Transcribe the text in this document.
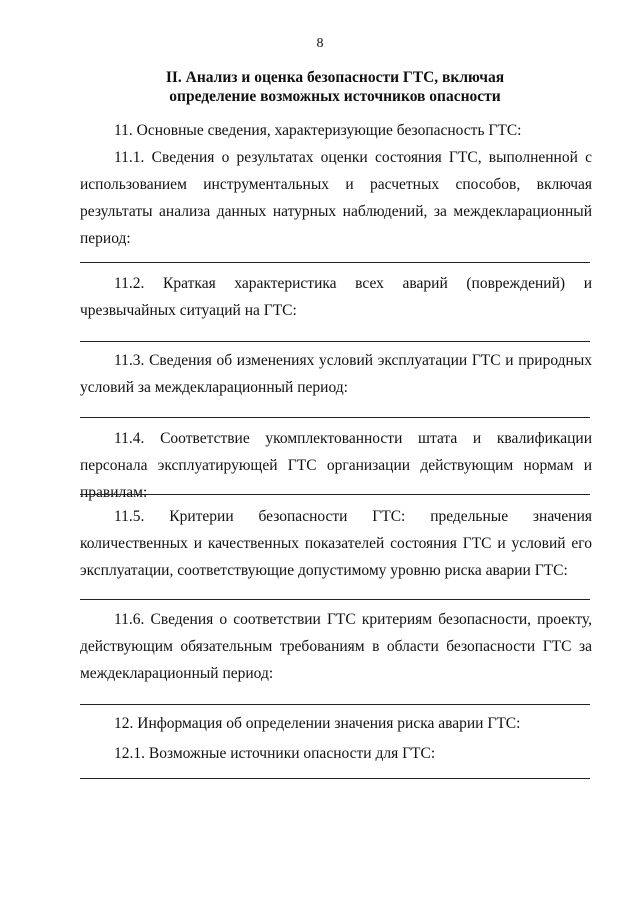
8
II. Анализ и оценка безопасности ГТС, включая
определение возможных источников опасности

11. Основные сведения, характеризующие безопасность ГТС:

11.1. Сведения о результатах оценки состояния ГТС, выполненной с использованием инструментальных и расчетных способов, включая результаты анализа данных натурных наблюдений, за междекларационный период:

11.2. Краткая характеристика всех аварий (повреждений) и чрезвычайных ситуаций на ГТС:

11.3. Сведения об изменениях условий эксплуатации ГТС и природных условий за междекларационный период:

11.4. Соответствие укомплектованности штата и квалификации персонала эксплуатирующей ГТС организации действующим нормам и правилам:

11.5. Критерии безопасности ГТС: предельные значения количественных и качественных показателей состояния ГТС и условий его эксплуатации, соответствующие допустимому уровню риска аварии ГТС:

11.6. Сведения о соответствии ГТС критериям безопасности, проекту, действующим обязательным требованиям в области безопасности ГТС за междекларационный период:

12. Информация об определении значения риска аварии ГТС:

12.1. Возможные источники опасности для ГТС:
